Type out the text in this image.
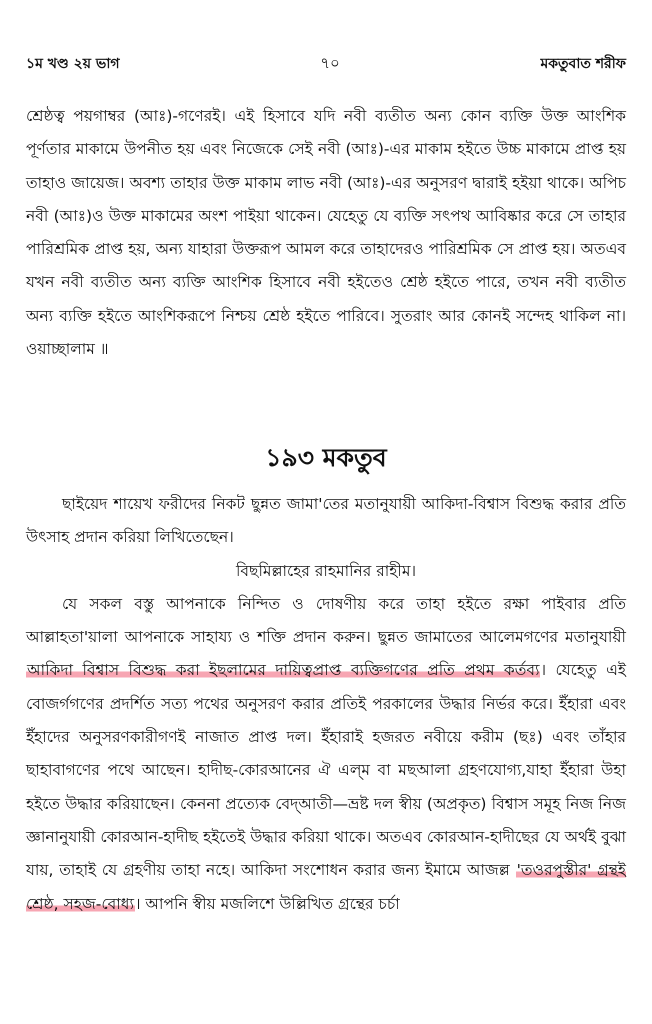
১ম খণ্ড ২য় ভাগ	৭০	মকতুবাত শরীফ

শ্রেষ্ঠত্ব পয়গাম্বর (আঃ)-গণেরই। এই হিসাবে যদি নবী ব্যতীত অন্য কোন ব্যক্তি উক্ত আংশিক পূর্ণতার মাকামে উপনীত হয় এবং নিজেকে সেই নবী (আঃ)-এর মাকাম হইতে উচ্চ মাকামে প্রাপ্ত হয় তাহাও জায়েজ। অবশ্য তাহার উক্ত মাকাম লাভ নবী (আঃ)-এর অনুসরণ দ্বারাই হইয়া থাকে। অপিচ নবী (আঃ)ও উক্ত মাকামের অংশ পাইয়া থাকেন। যেহেতু যে ব্যক্তি সৎপথ আবিষ্কার করে সে তাহার পারিশ্রমিক প্রাপ্ত হয়, অন্য যাহারা উক্তরূপ আমল করে তাহাদেরও পারিশ্রমিক সে প্রাপ্ত হয়। অতএব যখন নবী ব্যতীত অন্য ব্যক্তি আংশিক হিসাবে নবী হইতেও শ্রেষ্ঠ হইতে পারে, তখন নবী ব্যতীত অন্য ব্যক্তি হইতে আংশিকরূপে নিশ্চয় শ্রেষ্ঠ হইতে পারিবে। সুতরাং আর কোনই সন্দেহ থাকিল না। ওয়াচ্ছালাম ॥

১৯৩ মকতুব

ছাইয়েদ শায়েখ ফরীদের নিকট ছুন্নত জামা'তের মতানুযায়ী আকিদা-বিশ্বাস বিশুদ্ধ করার প্রতি উৎসাহ প্রদান করিয়া লিখিতেছেন।

বিছমিল্লাহের রাহমানির রাহীম।

যে সকল বস্তু আপনাকে নিন্দিত ও দোষণীয় করে তাহা হইতে রক্ষা পাইবার প্রতি আল্লাহতা'য়ালা আপনাকে সাহায্য ও শক্তি প্রদান করুন। ছুন্নত জামাতের আলেমগণের মতানুযায়ী আকিদা বিশ্বাস বিশুদ্ধ করা ইছলামের দায়িত্বপ্রাপ্ত ব্যক্তিগণের প্রতি প্রথম কর্তব্য। যেহেতু এই বোজর্গগণের প্রদর্শিত সত্য পথের অনুসরণ করার প্রতিই পরকালের উদ্ধার নির্ভর করে। ইঁহারা এবং ইঁহাদের অনুসরণকারীগণই নাজাত প্রাপ্ত দল। ইঁহারাই হজরত নবীয়ে করীম (ছঃ) এবং তাঁহার ছাহাবাগণের পথে আছেন। হাদীছ-কোরআনের ঐ এল্‌ম বা মছআলা গ্রহণযোগ্য,যাহা ইঁহারা উহা হইতে উদ্ধার করিয়াছেন। কেননা প্রত্যেক বেদ্‌আতী—ভ্রষ্ট দল স্বীয় (অপ্রকৃত) বিশ্বাস সমূহ নিজ নিজ জ্ঞানানুযায়ী কোরআন-হাদীছ হইতেই উদ্ধার করিয়া থাকে। অতএব কোরআন-হাদীছের যে অর্থই বুঝা যায়, তাহাই যে গ্রহণীয় তাহা নহে। আকিদা সংশোধন করার জন্য ইমামে আজল্ল 'তওরপুস্তীর' গ্রন্থই শ্রেষ্ঠ, সহজ-বোধ্য। আপনি স্বীয় মজলিশে উল্লিখিত গ্রন্থের চর্চা
